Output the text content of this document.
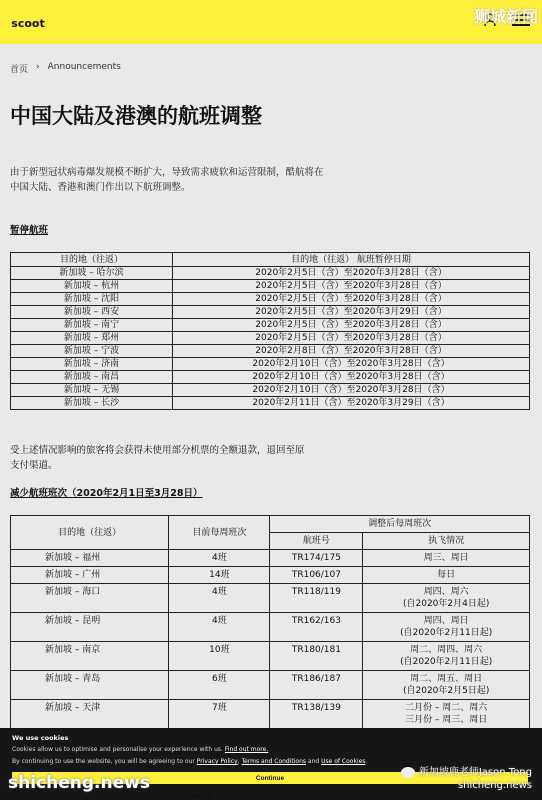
scoot	狮城新闻
首页 › Announcements
中国大陆及港澳的航班调整

由于新型冠状病毒爆发规模不断扩大，导致需求疲软和运营限制，酷航将在中国大陆、香港和澳门作出以下航班调整。

暂停航班
目的地（往返）	目的地（往返） 航班暂停日期
新加坡 – 哈尔滨	2020年2月5日（含）至2020年3月28日（含）
新加坡 – 杭州	2020年2月5日（含）至2020年3月28日（含）
新加坡 – 沈阳	2020年2月5日（含）至2020年3月28日（含）
新加坡 – 西安	2020年2月5日（含）至2020年3月29日（含）
新加坡 – 南宁	2020年2月5日（含）至2020年3月28日（含）
新加坡 – 郑州	2020年2月5日（含）至2020年3月28日（含）
新加坡 – 宁波	2020年2月8日（含）至2020年3月28日（含）
新加坡 – 济南	2020年2月10日（含）至2020年3月28日（含）
新加坡 – 南昌	2020年2月10日（含）至2020年3月28日（含）
新加坡 – 无锡	2020年2月10日（含）至2020年3月28日（含）
新加坡 – 长沙	2020年2月11日（含）至2020年3月29日（含）

受上述情况影响的旅客将会获得未使用部分机票的全额退款，退回至原支付渠道。

减少航班班次（2020年2月1日至3月28日）
目的地（往返）	目前每周班次	调整后每周班次	
		航班号	执飞情况
新加坡 – 福州	4班	TR174/175	周三、周日

新加坡 – 广州	14班	TR106/107	每日

新加坡 – 海口	4班	TR118/119	周四、周六
(自2020年2月4日起)

新加坡 – 昆明	4班	TR162/163	周四、周日
(自2020年2月11日起)

新加坡 – 南京	10班	TR180/181	周二、周四、周六
(自2020年2月11日起)

新加坡 – 青岛	6班	TR186/187	周二、周五、周日
(自2020年2月5日起)

新加坡 – 天津	7班	TR138/139	二月份 – 周二、周六
三月份 – 周三、周日
We use cookies
Cookies allow us to optimise and personalise your experience with us. Find out more.
By continuing to use the website, you will be agreeing to our Privacy Policy, Terms and Conditions and Use of Cookies.
Continue
shicheng.news
新加坡鹿老师Jason Tong
shicheng.news
FEEDBACK
